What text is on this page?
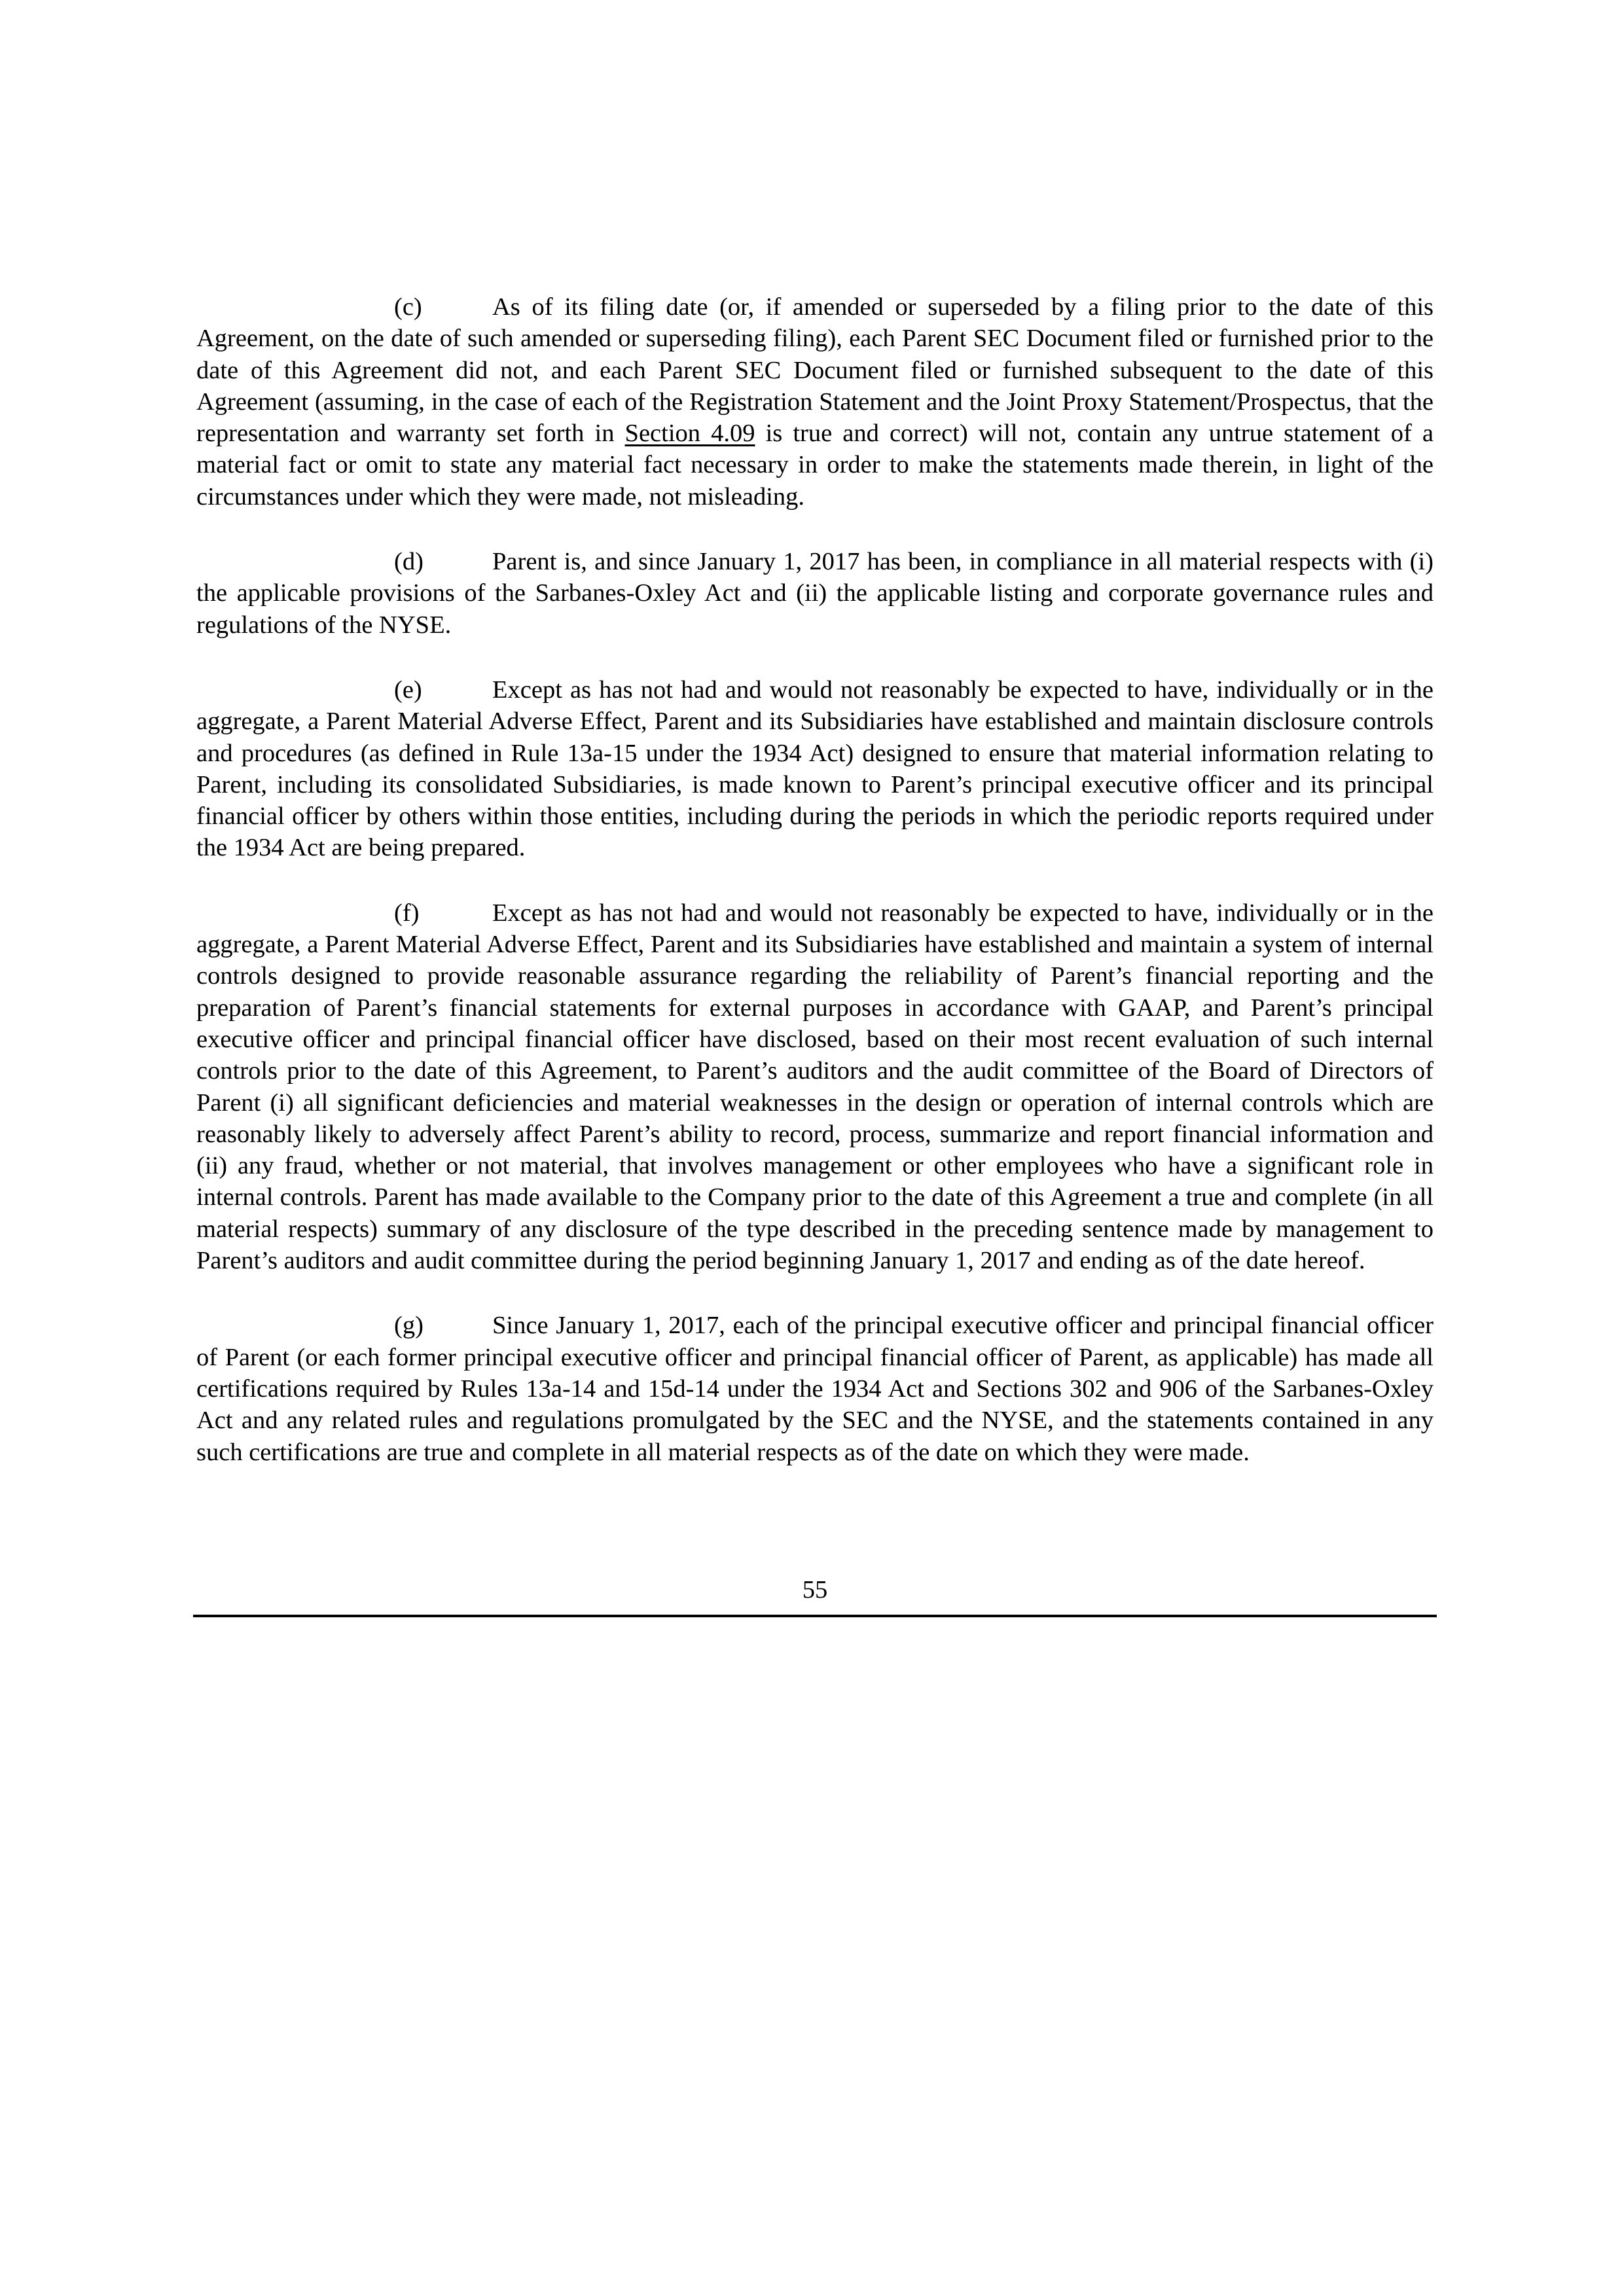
(c)	As of its filing date (or, if amended or superseded by a filing prior to the date of this Agreement, on the date of such amended or superseding filing), each Parent SEC Document filed or furnished prior to the date of this Agreement did not, and each Parent SEC Document filed or furnished subsequent to the date of this Agreement (assuming, in the case of each of the Registration Statement and the Joint Proxy Statement/Prospectus, that the representation and warranty set forth in Section 4.09 is true and correct) will not, contain any untrue statement of a material fact or omit to state any material fact necessary in order to make the statements made therein, in light of the circumstances under which they were made, not misleading.

(d)	Parent is, and since January 1, 2017 has been, in compliance in all material respects with (i) the applicable provisions of the Sarbanes-Oxley Act and (ii) the applicable listing and corporate governance rules and regulations of the NYSE.

(e)	Except as has not had and would not reasonably be expected to have, individually or in the aggregate, a Parent Material Adverse Effect, Parent and its Subsidiaries have established and maintain disclosure controls and procedures (as defined in Rule 13a-15 under the 1934 Act) designed to ensure that material information relating to Parent, including its consolidated Subsidiaries, is made known to Parent’s principal executive officer and its principal financial officer by others within those entities, including during the periods in which the periodic reports required under the 1934 Act are being prepared.

(f)	Except as has not had and would not reasonably be expected to have, individually or in the aggregate, a Parent Material Adverse Effect, Parent and its Subsidiaries have established and maintain a system of internal controls designed to provide reasonable assurance regarding the reliability of Parent’s financial reporting and the preparation of Parent’s financial statements for external purposes in accordance with GAAP, and Parent’s principal executive officer and principal financial officer have disclosed, based on their most recent evaluation of such internal controls prior to the date of this Agreement, to Parent’s auditors and the audit committee of the Board of Directors of Parent (i) all significant deficiencies and material weaknesses in the design or operation of internal controls which are reasonably likely to adversely affect Parent’s ability to record, process, summarize and report financial information and (ii) any fraud, whether or not material, that involves management or other employees who have a significant role in internal controls. Parent has made available to the Company prior to the date of this Agreement a true and complete (in all material respects) summary of any disclosure of the type described in the preceding sentence made by management to Parent’s auditors and audit committee during the period beginning January 1, 2017 and ending as of the date hereof.

(g)	Since January 1, 2017, each of the principal executive officer and principal financial officer of Parent (or each former principal executive officer and principal financial officer of Parent, as applicable) has made all certifications required by Rules 13a-14 and 15d-14 under the 1934 Act and Sections 302 and 906 of the Sarbanes-Oxley Act and any related rules and regulations promulgated by the SEC and the NYSE, and the statements contained in any such certifications are true and complete in all material respects as of the date on which they were made.

55
